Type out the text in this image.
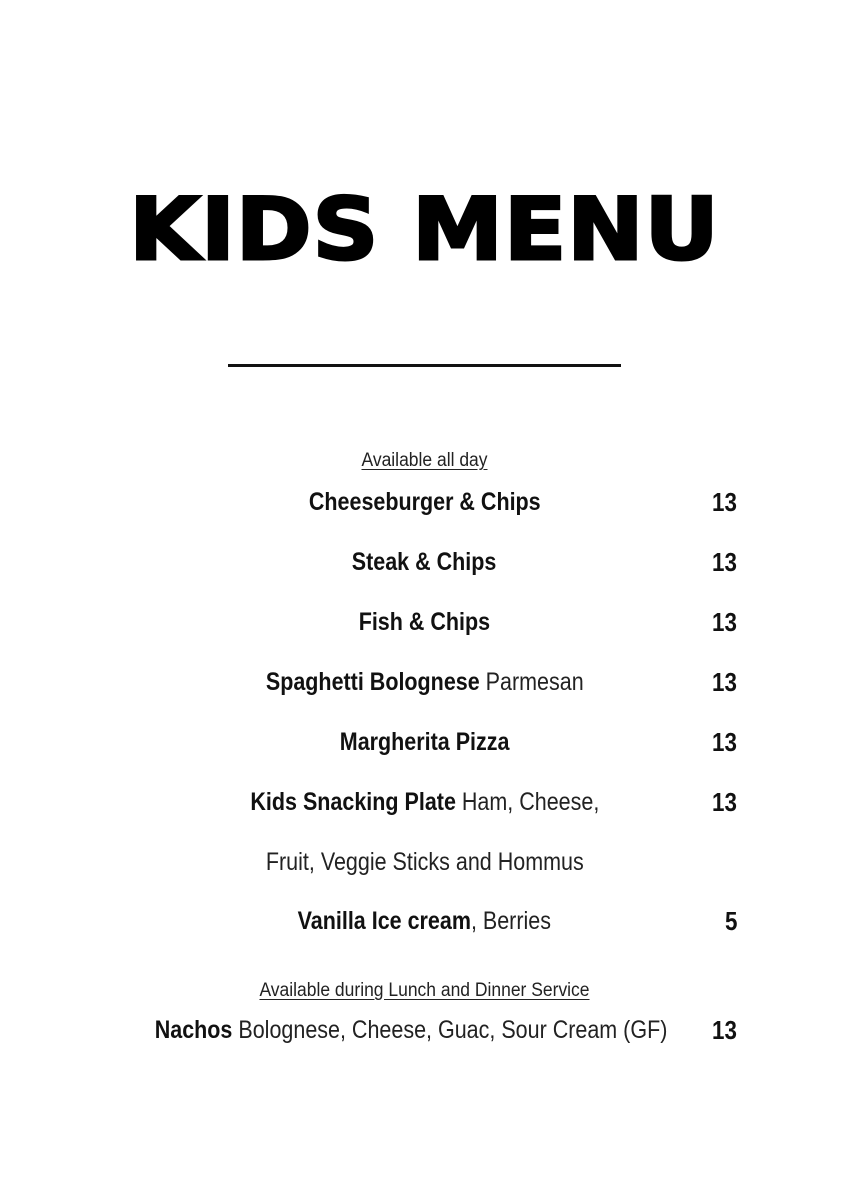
KIDS MENU
Available all day
Cheeseburger & Chips	13
Steak & Chips	13
Fish & Chips	13
Spaghetti Bolognese Parmesan	13
Margherita Pizza	13
Kids Snacking Plate Ham, Cheese,	13
Fruit, Veggie Sticks and Hommus
Vanilla Ice cream, Berries	5
Available during Lunch and Dinner Service
Nachos Bolognese, Cheese, Guac, Sour Cream (GF)	13
